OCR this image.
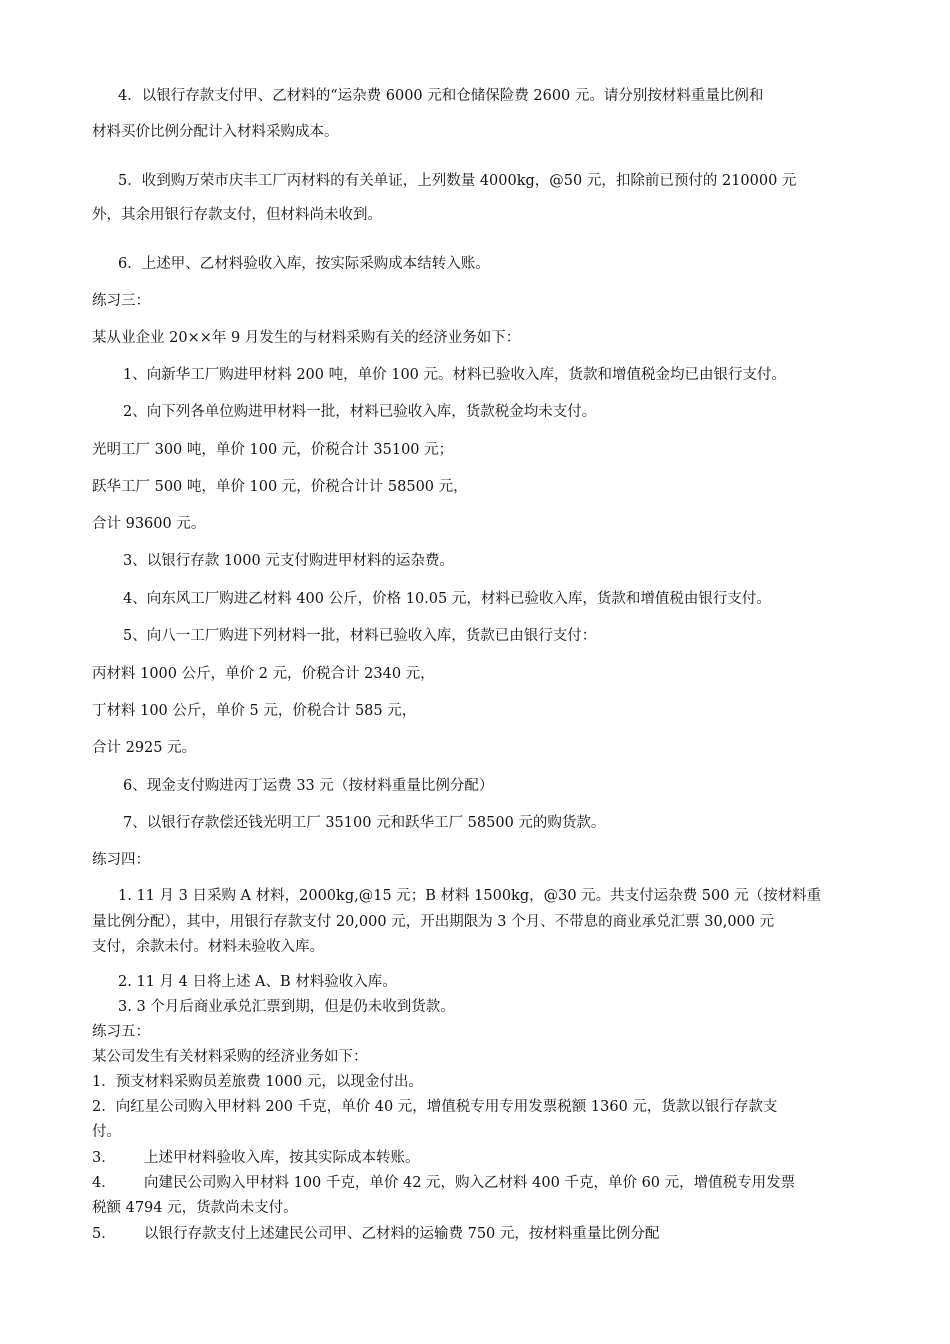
4．以银行存款支付甲、乙材料的“运杂费 6000 元和仓储保险费 2600 元。请分别按材料重量比例和
材料买价比例分配计入材料采购成本。
5．收到购万荣市庆丰工厂丙材料的有关单证，上列数量 4000kg，@50 元，扣除前已预付的 210000 元
外，其余用银行存款支付，但材料尚未收到。
6．上述甲、乙材料验收入库，按实际采购成本结转入账。
练习三：
某从业企业 20××年 9 月发生的与材料采购有关的经济业务如下：
1、向新华工厂购进甲材料 200 吨，单价 100 元。材料已验收入库，货款和增值税金均已由银行支付。
2、向下列各单位购进甲材料一批，材料已验收入库，货款税金均未支付。
光明工厂 300 吨，单价 100 元，价税合计 35100 元；
跃华工厂 500 吨，单价 100 元，价税合计计 58500 元，
合计 93600 元。
3、以银行存款 1000 元支付购进甲材料的运杂费。
4、向东风工厂购进乙材料 400 公斤，价格 10.05 元，材料已验收入库，货款和增值税由银行支付。
5、向八一工厂购进下列材料一批，材料已验收入库，货款已由银行支付：
丙材料 1000 公斤，单价 2 元，价税合计 2340 元，
丁材料 100 公斤，单价 5 元，价税合计 585 元，
合计 2925 元。
6、现金支付购进丙丁运费 33 元（按材料重量比例分配）
7、以银行存款偿还钱光明工厂 35100 元和跃华工厂 58500 元的购货款。
练习四：
1. 11 月 3 日采购 A 材料，2000kg,@15 元；B 材料 1500kg，@30 元。共支付运杂费 500 元（按材料重
量比例分配），其中，用银行存款支付 20,000 元，开出期限为 3 个月、不带息的商业承兑汇票 30,000 元
支付，余款未付。材料未验收入库。
2. 11 月 4 日将上述 A、B 材料验收入库。
3. 3 个月后商业承兑汇票到期，但是仍未收到货款。
练习五：
某公司发生有关材料采购的经济业务如下：
1．预支材料采购员差旅费 1000 元，以现金付出。
2．向红星公司购入甲材料 200 千克，单价 40 元，增值税专用专用发票税额 1360 元，货款以银行存款支
付。
3． 上述甲材料验收入库，按其实际成本转账。
4． 向建民公司购入甲材料 100 千克，单价 42 元，购入乙材料 400 千克，单价 60 元，增值税专用发票
税额 4794 元，货款尚未支付。
5． 以银行存款支付上述建民公司甲、乙材料的运输费 750 元，按材料重量比例分配
